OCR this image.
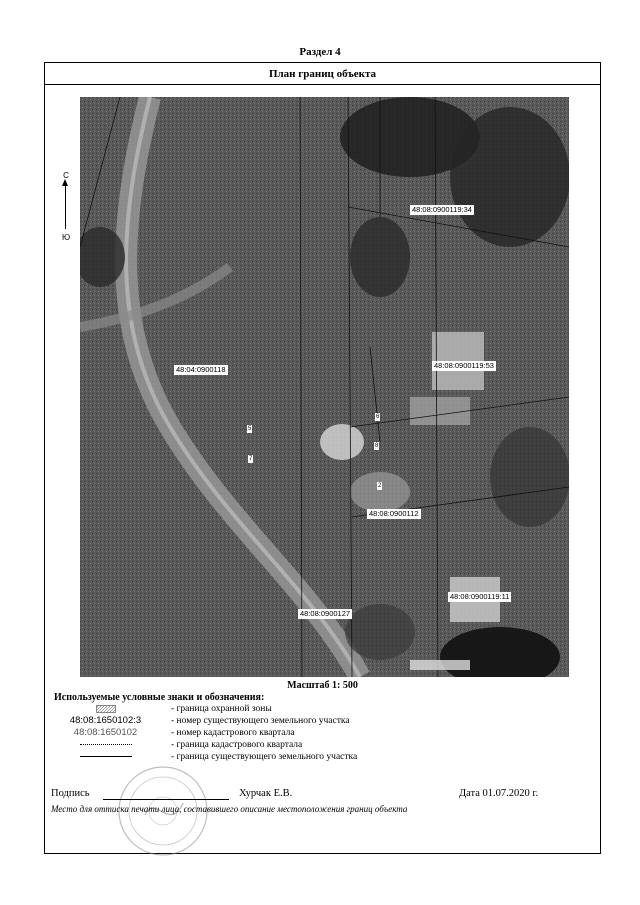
Раздел 4
План границ объекта
48:08:0900119:34
48:04:0900118	48:08:0900119:53
48:08:0900112
48:08:0900119:11
48:08:0900127
6
5
8
7
2
С
Ю
Масштаб 1: 500
Используемые условные знаки и обозначения:
- граница охранной зоны
48:08:1650102:3	- номер существующего земельного участка
48:08:1650102	- номер кадастрового квартала
- граница кадастрового квартала
- граница существующего земельного участка
Подпись	Хурчак Е.В.	Дата 01.07.2020 г.
Место для оттиска печати лица, составившего описание местоположения границ объекта
